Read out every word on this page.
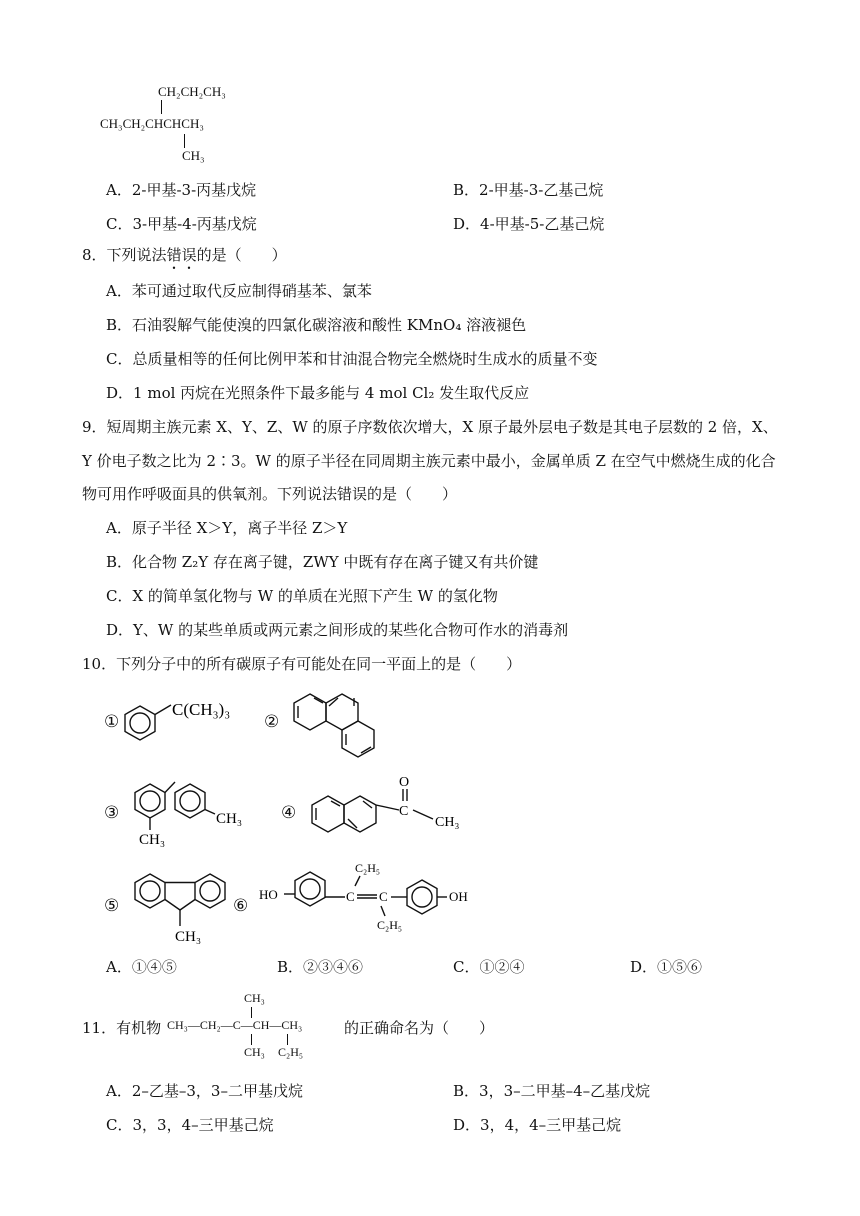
CH₂CH₂CH₃
CH₃CH₂CHCHCH₃
CH₃
A．2-甲基-3-丙基戊烷	B．2-甲基-3-乙基己烷
C．3-甲基-4-丙基戊烷	D．4-甲基-5-乙基己烷
8．下列说法错误的是（　　）
A．苯可通过取代反应制得硝基苯、氯苯
B．石油裂解气能使溴的四氯化碳溶液和酸性 KMnO₄ 溶液褪色
C．总质量相等的任何比例甲苯和甘油混合物完全燃烧时生成水的质量不变
D．1 mol 丙烷在光照条件下最多能与 4 mol Cl₂ 发生取代反应
9．短周期主族元素 X、Y、Z、W 的原子序数依次增大，X 原子最外层电子数是其电子层数的 2 倍，X、
Y 价电子数之比为 2∶3。W 的原子半径在同周期主族元素中最小，金属单质 Z 在空气中燃烧生成的化合
物可用作呼吸面具的供氧剂。下列说法错误的是（　　）
A．原子半径 X＞Y，离子半径 Z＞Y
B．化合物 Z₂Y 存在离子键，ZWY 中既有存在离子键又有共价键
C．X 的简单氢化物与 W 的单质在光照下产生 W 的氢化物
D．Y、W 的某些单质或两元素之间形成的某些化合物可作水的消毒剂
10．下列分子中的所有碳原子有可能处在同一平面上的是（　　）
C(CH₃)₃
CH₃
CH₃
O
C
CH₃
CH₃
HO	C C
C₂H₅
C₂H₅
OH
①	②
③	④
⑤	⑥
A．①④⑤	B．②③④⑥	C．①②④	D．①⑤⑥
11．有机物
CH₃
CH₃—CH₂—C—CH—CH₃
CH₃ C₂H₅
的正确命名为（　　）
A．2–乙基–3，3–二甲基戊烷	B．3，3–二甲基–4–乙基戊烷
C．3，3，4–三甲基己烷	D．3，4，4–三甲基己烷
